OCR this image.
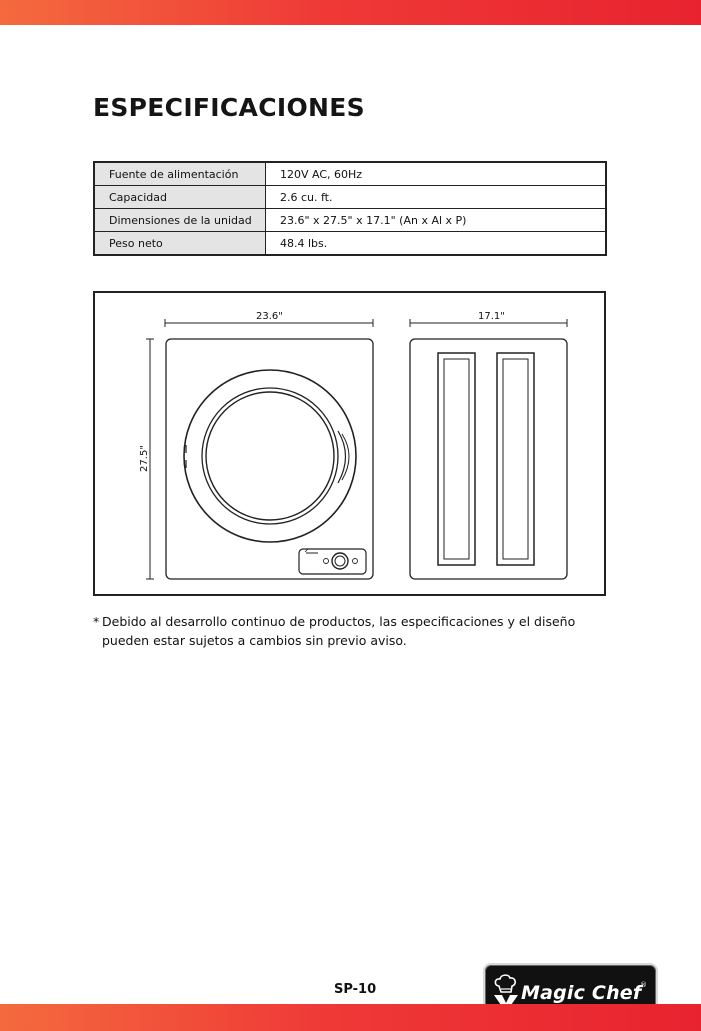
ESPECIFICACIONES
Fuente de alimentación	120V AC, 60Hz
Capacidad	2.6 cu. ft.
Dimensiones de la unidad	23.6" x 27.5" x 17.1" (An x Al x P)
Peso neto	48.4 lbs.
23.6"	17.1"
27.5"
* Debido al desarrollo continuo de productos, las especificaciones y el diseño pueden estar sujetos a cambios sin previo aviso.
SP-10	Magic Chef
®
